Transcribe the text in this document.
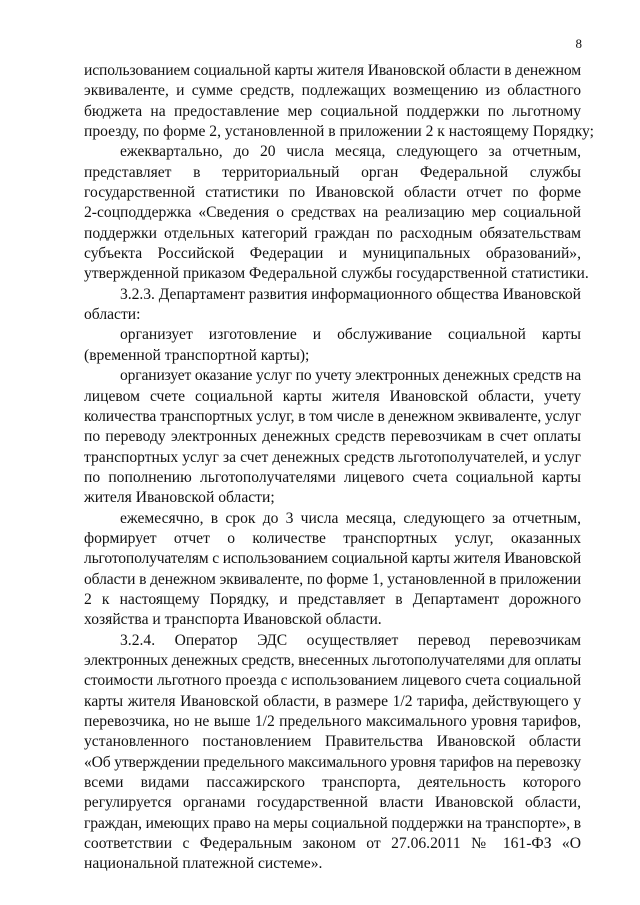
8
использованием социальной карты жителя Ивановской области в денежном
эквиваленте, и сумме средств, подлежащих возмещению из областного
бюджета на предоставление мер социальной поддержки по льготному
проезду, по форме 2, установленной в приложении 2 к настоящему Порядку;
ежеквартально, до 20 числа месяца, следующего за отчетным,
представляет в территориальный орган Федеральной службы
государственной статистики по Ивановской области отчет по форме
2-соцподдержка «Сведения о средствах на реализацию мер социальной
поддержки отдельных категорий граждан по расходным обязательствам
субъекта Российской Федерации и муниципальных образований»,
утвержденной приказом Федеральной службы государственной статистики.
3.2.3. Департамент развития информационного общества Ивановской
области:
организует изготовление и обслуживание социальной карты
(временной транспортной карты);
организует оказание услуг по учету электронных денежных средств на
лицевом счете социальной карты жителя Ивановской области, учету
количества транспортных услуг, в том числе в денежном эквиваленте, услуг
по переводу электронных денежных средств перевозчикам в счет оплаты
транспортных услуг за счет денежных средств льготополучателей, и услуг
по пополнению льготополучателями лицевого счета социальной карты
жителя Ивановской области;
ежемесячно, в срок до 3 числа месяца, следующего за отчетным,
формирует отчет о количестве транспортных услуг, оказанных
льготополучателям с использованием социальной карты жителя Ивановской
области в денежном эквиваленте, по форме 1, установленной в приложении
2 к настоящему Порядку, и представляет в Департамент дорожного
хозяйства и транспорта Ивановской области.
3.2.4. Оператор ЭДС осуществляет перевод перевозчикам
электронных денежных средств, внесенных льготополучателями для оплаты
стоимости льготного проезда с использованием лицевого счета социальной
карты жителя Ивановской области, в размере 1/2 тарифа, действующего у
перевозчика, но не выше 1/2 предельного максимального уровня тарифов,
установленного постановлением Правительства Ивановской области
«Об утверждении предельного максимального уровня тарифов на перевозку
всеми видами пассажирского транспорта, деятельность которого
регулируется органами государственной власти Ивановской области,
граждан, имеющих право на меры социальной поддержки на транспорте», в
соответствии с Федеральным законом от 27.06.2011 № 161-ФЗ «О
национальной платежной системе».
